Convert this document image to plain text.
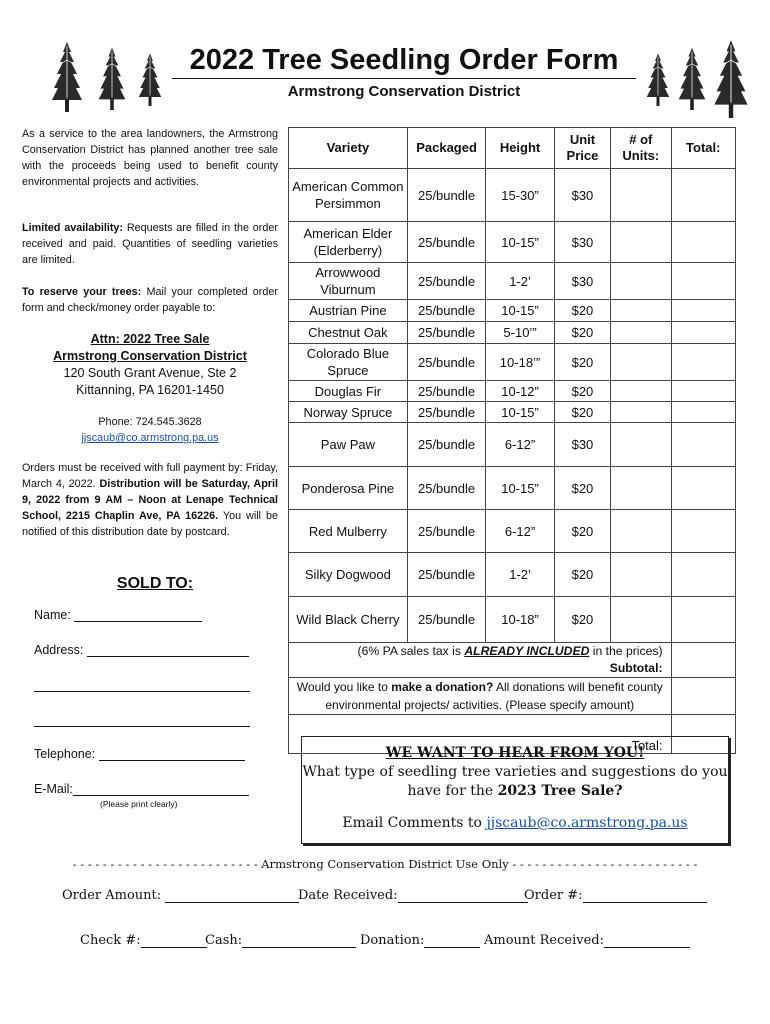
2022 Tree Seedling Order Form
Armstrong Conservation District
As a service to the area landowners, the Armstrong Conservation District has planned another tree sale with the proceeds being used to benefit county environmental projects and activities.
Limited availability: Requests are filled in the order received and paid. Quantities of seedling varieties are limited.
To reserve your trees: Mail your completed order form and check/money order payable to:
Attn: 2022 Tree Sale
Armstrong Conservation District
120 South Grant Avenue, Ste 2
Kittanning, PA 16201-1450
Phone: 724.545.3628
jjscaub@co.armstrong.pa.us
Orders must be received with full payment by: Friday, March 4, 2022. Distribution will be Saturday, April 9, 2022 from 9 AM – Noon at Lenape Technical School, 2215 Chaplin Ave, PA 16226. You will be notified of this distribution date by postcard.
SOLD TO:
Name:
Address:
Telephone:
E-Mail:
(Please print clearly)
Variety	Packaged	Height	Unit Price	# of Units:	Total:
American Common Persimmon	25/bundle	15-30”	$30		
American Elder (Elderberry)	25/bundle	10-15”	$30		
Arrowwood Viburnum	25/bundle	1-2’	$30		
Austrian Pine	25/bundle	10-15”	$20		
Chestnut Oak	25/bundle	5-10’”	$20		
Colorado Blue Spruce	25/bundle	10-18’”	$20		
Douglas Fir	25/bundle	10-12”	$20		
Norway Spruce	25/bundle	10-15”	$20		
Paw Paw	25/bundle	6-12”	$30		
Ponderosa Pine	25/bundle	10-15”	$20		
Red Mulberry	25/bundle	6-12”	$20		
Silky Dogwood	25/bundle	1-2’	$20		
Wild Black Cherry	25/bundle	10-18”	$20		
(6% PA sales tax is ALREADY INCLUDED in the prices)
Subtotal:					
Would you like to make a donation? All donations will benefit county environmental projects/ activities. (Please specify amount)					
Total:					
WE WANT TO HEAR FROM YOU!
What type of seedling tree varieties and suggestions do you have for the 2023 Tree Sale?
Email Comments to jjscaub@co.armstrong.pa.us
- - - - - - - - - - - - - - - - - - - - - - - - - Armstrong Conservation District Use Only - - - - - - - - - - - - - - - - - - - - - - - - -
Order Amount:	Date Received:	Order #:
Check #:	Cash:	Donation:	Amount Received:
